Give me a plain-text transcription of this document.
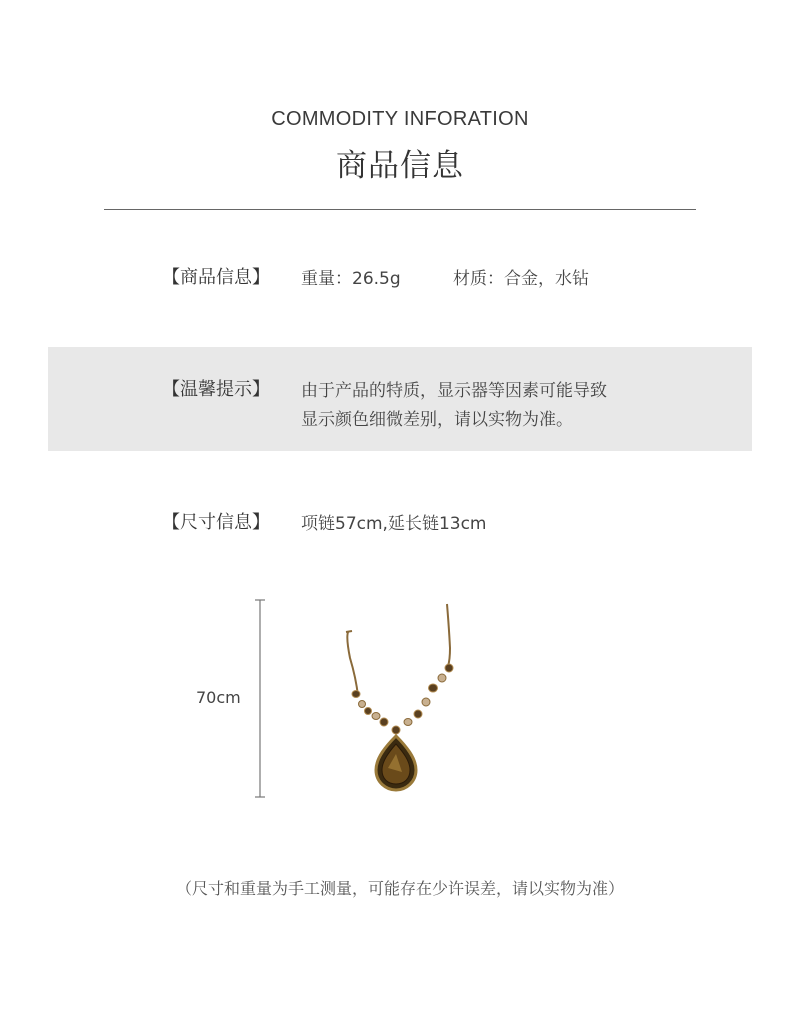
COMMODITY INFORATION
商品信息
【商品信息】 重量：26.5g	材质：合金，水钻
【温馨提示】 由于产品的特质，显示器等因素可能导致
显示颜色细微差别，请以实物为准。
【尺寸信息】 项链57cm,延长链13cm
70cm
（尺寸和重量为手工测量，可能存在少许误差，请以实物为准）
